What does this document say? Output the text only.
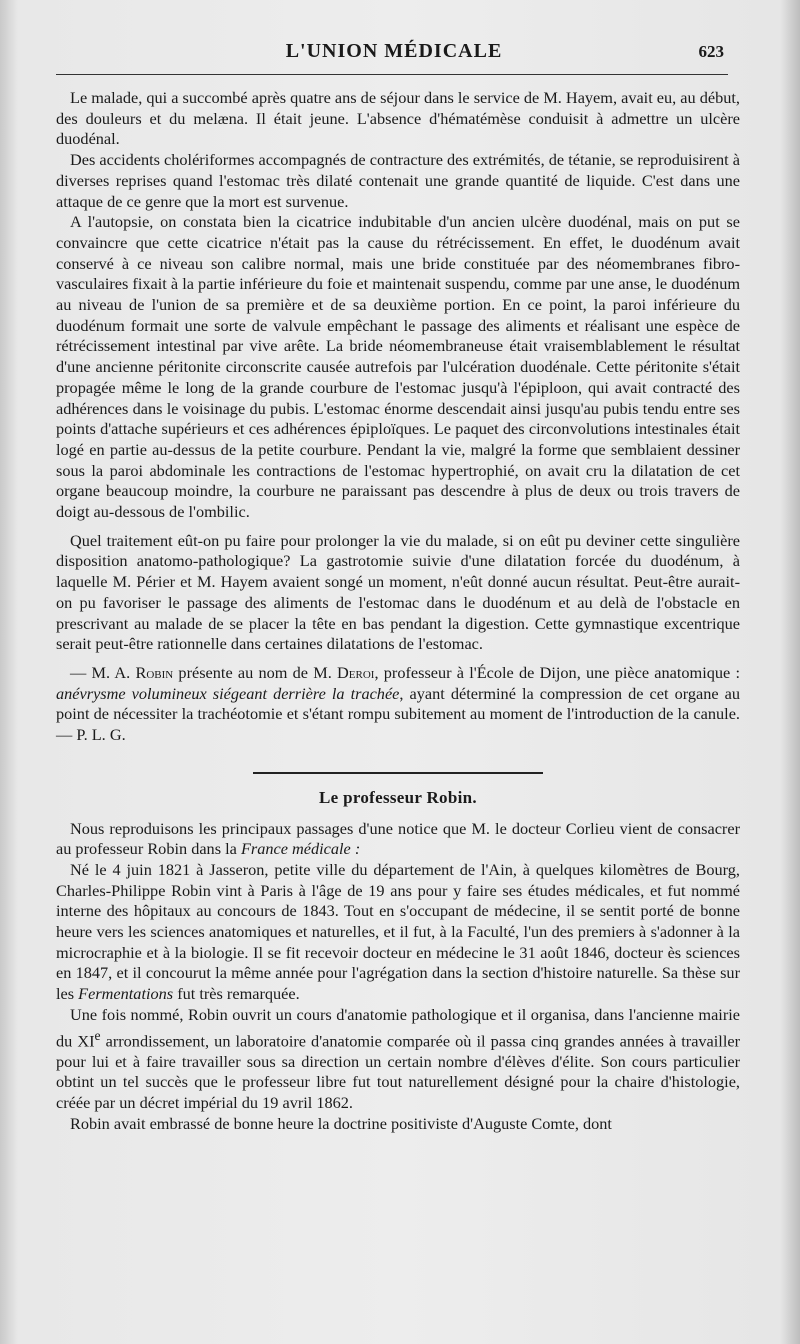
L'UNION MÉDICALE	623

Le malade, qui a succombé après quatre ans de séjour dans le service de M. Hayem, avait eu, au début, des douleurs et du melæna. Il était jeune. L'absence d'hématémèse conduisit à admettre un ulcère duodénal.

Des accidents cholériformes accompagnés de contracture des extrémités, de tétanie, se reproduisirent à diverses reprises quand l'estomac très dilaté contenait une grande quantité de liquide. C'est dans une attaque de ce genre que la mort est survenue.

A l'autopsie, on constata bien la cicatrice indubitable d'un ancien ulcère duodénal, mais on put se convaincre que cette cicatrice n'était pas la cause du rétrécissement. En effet, le duodénum avait conservé à ce niveau son calibre normal, mais une bride constituée par des néomembranes fibro-vasculaires fixait à la partie inférieure du foie et maintenait suspendu, comme par une anse, le duodénum au niveau de l'union de sa première et de sa deuxième portion. En ce point, la paroi inférieure du duodénum formait une sorte de valvule empêchant le passage des aliments et réalisant une espèce de rétrécissement intestinal par vive arête. La bride néomembraneuse était vraisemblablement le résultat d'une ancienne péritonite circonscrite causée autrefois par l'ulcération duodénale. Cette péritonite s'était propagée même le long de la grande courbure de l'estomac jusqu'à l'épiploon, qui avait contracté des adhérences dans le voisinage du pubis. L'estomac énorme descendait ainsi jusqu'au pubis tendu entre ses points d'attache supérieurs et ces adhérences épiploïques. Le paquet des circonvolutions intestinales était logé en partie au-dessus de la petite courbure. Pendant la vie, malgré la forme que semblaient dessiner sous la paroi abdominale les contractions de l'estomac hypertrophié, on avait cru la dilatation de cet organe beaucoup moindre, la courbure ne paraissant pas descendre à plus de deux ou trois travers de doigt au-dessous de l'ombilic.

Quel traitement eût-on pu faire pour prolonger la vie du malade, si on eût pu deviner cette singulière disposition anatomo-pathologique? La gastrotomie suivie d'une dilatation forcée du duodénum, à laquelle M. Périer et M. Hayem avaient songé un moment, n'eût donné aucun résultat. Peut-être aurait-on pu favoriser le passage des aliments de l'estomac dans le duodénum et au delà de l'obstacle en prescrivant au malade de se placer la tête en bas pendant la digestion. Cette gymnastique excentrique serait peut-être rationnelle dans certaines dilatations de l'estomac.

— M. A. Robin présente au nom de M. Deroi, professeur à l'École de Dijon, une pièce anatomique : anévrysme volumineux siégeant derrière la trachée, ayant déterminé la compression de cet organe au point de nécessiter la trachéotomie et s'étant rompu subitement au moment de l'introduction de la canule. — P. L. G.

Le professeur Robin.

Nous reproduisons les principaux passages d'une notice que M. le docteur Corlieu vient de consacrer au professeur Robin dans la France médicale :

Né le 4 juin 1821 à Jasseron, petite ville du département de l'Ain, à quelques kilomètres de Bourg, Charles-Philippe Robin vint à Paris à l'âge de 19 ans pour y faire ses études médicales, et fut nommé interne des hôpitaux au concours de 1843. Tout en s'occupant de médecine, il se sentit porté de bonne heure vers les sciences anatomiques et naturelles, et il fut, à la Faculté, l'un des premiers à s'adonner à la microcraphie et à la biologie. Il se fit recevoir docteur en médecine le 31 août 1846, docteur ès sciences en 1847, et il concourut la même année pour l'agrégation dans la section d'histoire naturelle. Sa thèse sur les Fermentations fut très remarquée.

Une fois nommé, Robin ouvrit un cours d'anatomie pathologique et il organisa, dans l'ancienne mairie du XIe arrondissement, un laboratoire d'anatomie comparée où il passa cinq grandes années à travailler pour lui et à faire travailler sous sa direction un certain nombre d'élèves d'élite. Son cours particulier obtint un tel succès que le professeur libre fut tout naturellement désigné pour la chaire d'histologie, créée par un décret impérial du 19 avril 1862.

Robin avait embrassé de bonne heure la doctrine positiviste d'Auguste Comte, dont
